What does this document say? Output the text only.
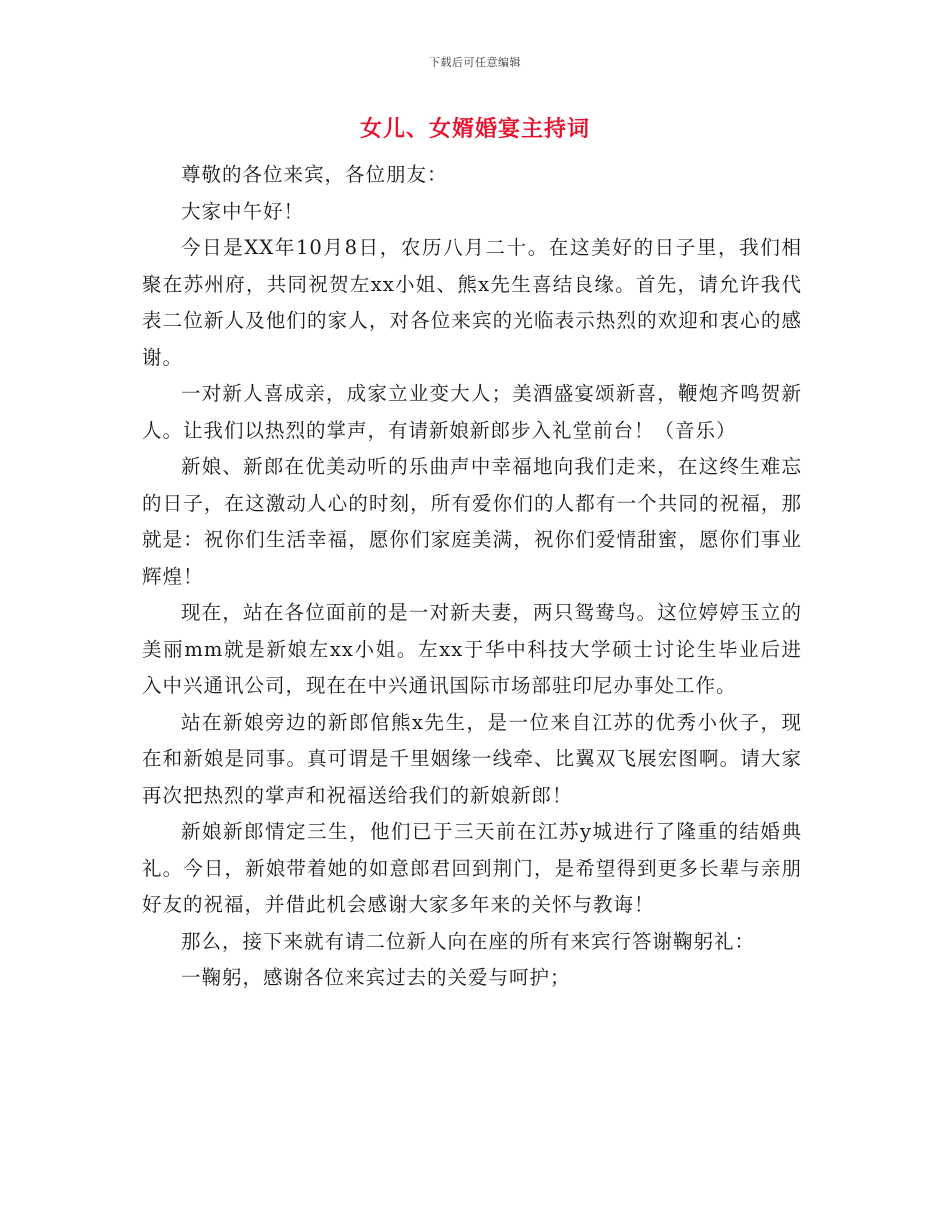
下载后可任意编辑
女儿、女婿婚宴主持词

尊敬的各位来宾，各位朋友：

大家中午好！

今日是XX年10月8日，农历八月二十。在这美好的日子里，我们相聚在苏州府，共同祝贺左xx小姐、熊x先生喜结良缘。首先，请允许我代表二位新人及他们的家人，对各位来宾的光临表示热烈的欢迎和衷心的感谢。

一对新人喜成亲，成家立业变大人；美酒盛宴颂新喜，鞭炮齐鸣贺新人。让我们以热烈的掌声，有请新娘新郎步入礼堂前台！（音乐）

新娘、新郎在优美动听的乐曲声中幸福地向我们走来，在这终生难忘的日子，在这激动人心的时刻，所有爱你们的人都有一个共同的祝福，那就是：祝你们生活幸福，愿你们家庭美满，祝你们爱情甜蜜，愿你们事业辉煌！

现在，站在各位面前的是一对新夫妻，两只鸳鸯鸟。这位婷婷玉立的美丽mm就是新娘左xx小姐。左xx于华中科技大学硕士讨论生毕业后进入中兴通讯公司，现在在中兴通讯国际市场部驻印尼办事处工作。

站在新娘旁边的新郎倌熊x先生，是一位来自江苏的优秀小伙子，现在和新娘是同事。真可谓是千里姻缘一线牵、比翼双飞展宏图啊。请大家再次把热烈的掌声和祝福送给我们的新娘新郎！

新娘新郎情定三生，他们已于三天前在江苏y城进行了隆重的结婚典礼。今日，新娘带着她的如意郎君回到荆门，是希望得到更多长辈与亲朋好友的祝福，并借此机会感谢大家多年来的关怀与教诲！

那么，接下来就有请二位新人向在座的所有来宾行答谢鞠躬礼：

一鞠躬，感谢各位来宾过去的关爱与呵护；
